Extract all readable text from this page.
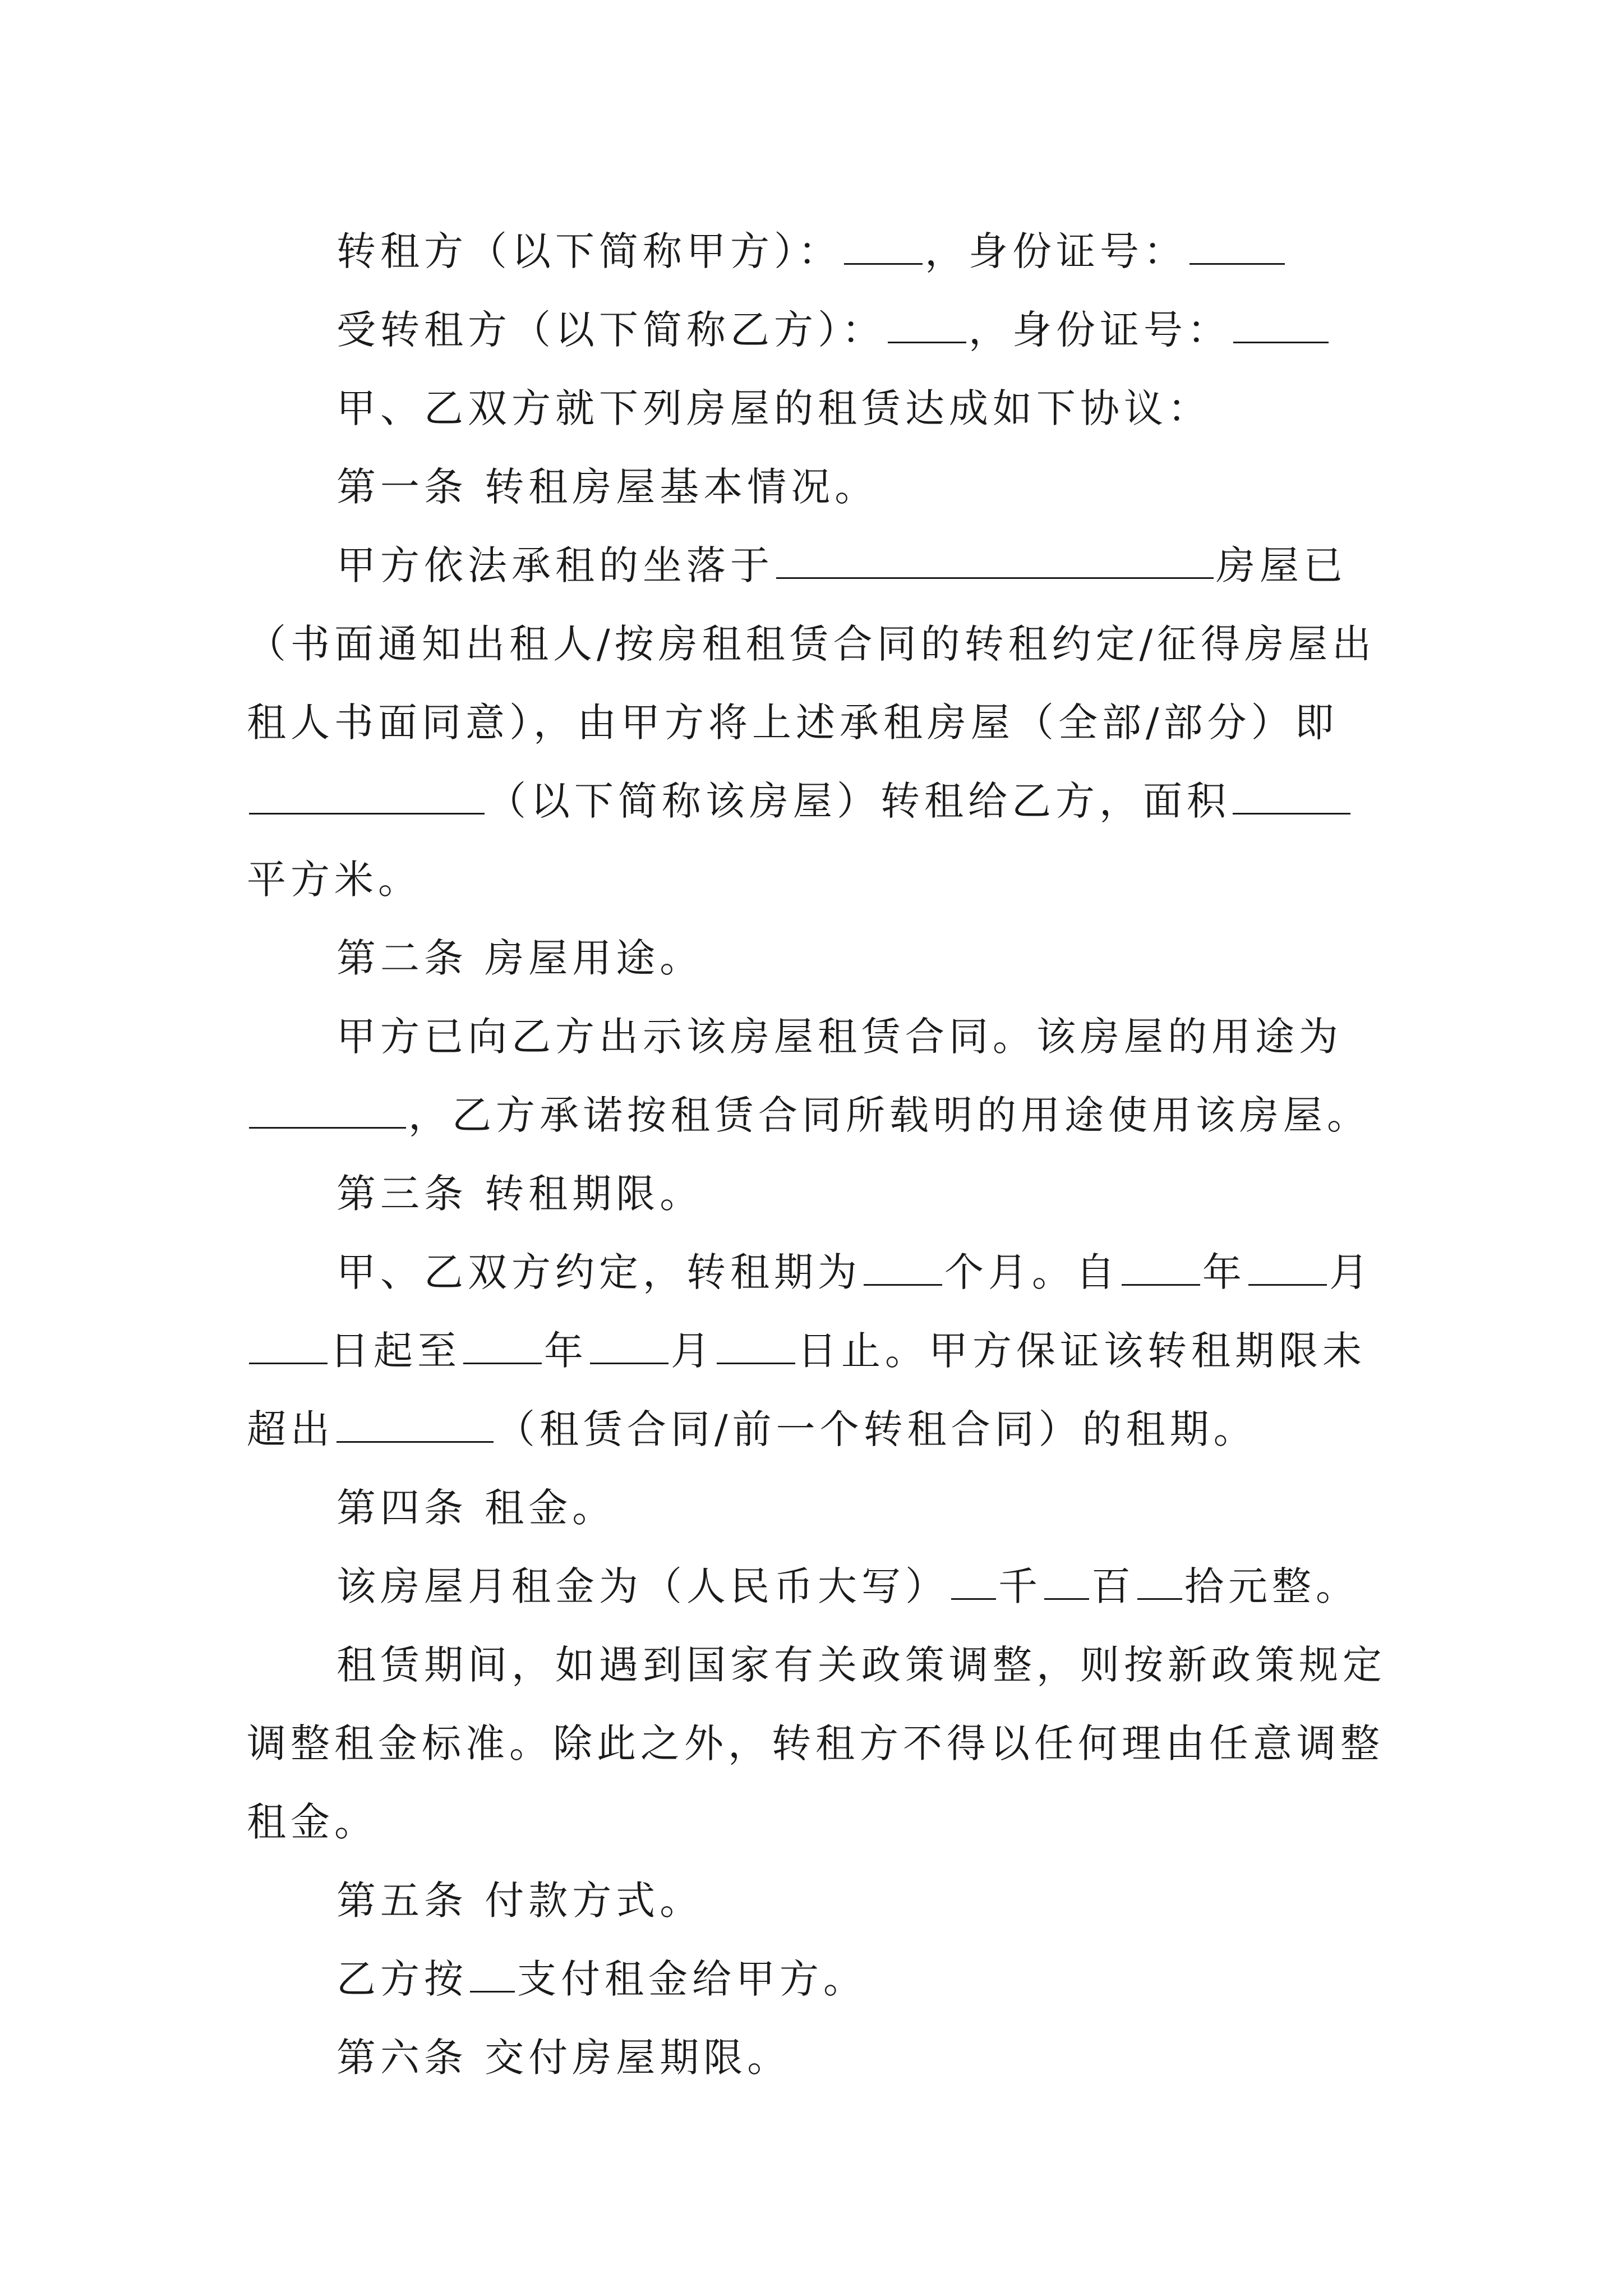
转租方（以下简称甲方）： ，身份证号：
受转租方（以下简称乙方）： ，身份证号：
甲、乙双方就下列房屋的租赁达成如下协议：
第一条 转租房屋基本情况。
甲方依法承租的坐落于	房屋已
（书面通知出租人/按房租租赁合同的转租约定/征得房屋出
租人书面同意），由甲方将上述承租房屋（全部/部分）即
（以下简称该房屋）转租给乙方，面积
平方米。
第二条 房屋用途。
甲方已向乙方出示该房屋租赁合同。该房屋的用途为
，乙方承诺按租赁合同所载明的用途使用该房屋。
第三条 转租期限。
甲、乙双方约定，转租期为 个月。自 年 月
日起至 年 月 日止。甲方保证该转租期限未
超出	（租赁合同/前一个转租合同）的租期。
第四条 租金。
该房屋月租金为（人民币大写） 千 百 拾元整。
租赁期间，如遇到国家有关政策调整，则按新政策规定
调整租金标准。除此之外，转租方不得以任何理由任意调整
租金。
第五条 付款方式。
乙方按 支付租金给甲方。
第六条 交付房屋期限。
